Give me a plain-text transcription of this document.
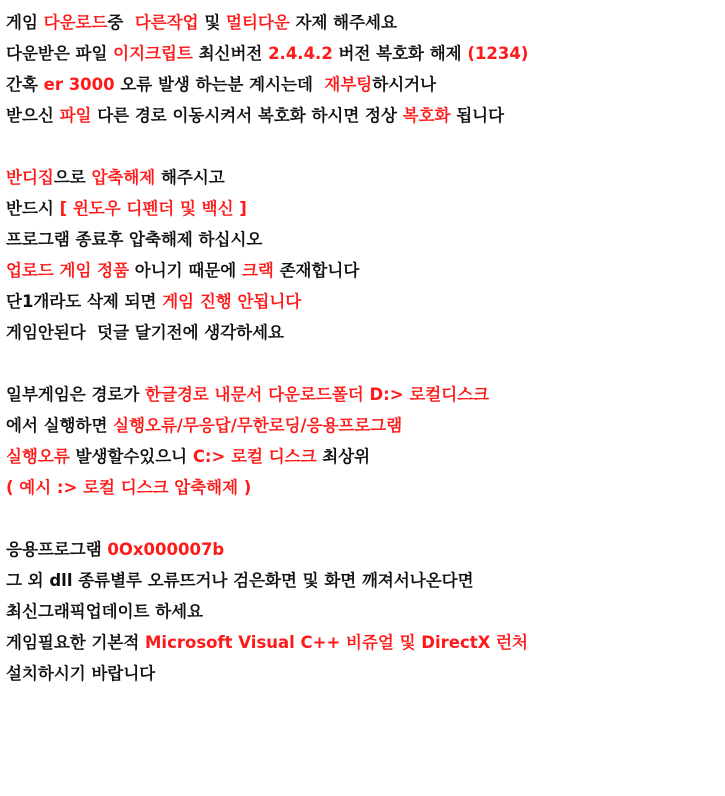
게임 다운로드중  다른작업 및 멀티다운 자제 해주세요
다운받은 파일 이지크립트 최신버전 2.4.4.2 버전 복호화 해제 (1234)
간혹 er 3000 오류 발생 하는분 계시는데  재부팅하시거나
받으신 파일 다른 경로 이동시켜서 복호화 하시면 정상 복호화 됩니다
반디집으로 압축해제 해주시고
반드시 [ 윈도우 디펜더 및 백신 ]
프로그램 종료후 압축해제 하십시오
업로드 게임 정품 아니기 때문에 크랙 존재합니다
단1개라도 삭제 되면 게임 진행 안됩니다
게임안된다  덧글 달기전에 생각하세요
일부게임은 경로가 한글경로 내문서 다운로드폴더 D:> 로컬디스크
에서 실행하면 실행오류/무응답/무한로딩/응용프로그램
실행오류 발생할수있으니 C:> 로컬 디스크 최상위
( 예시 :> 로컬 디스크 압축해제 )
응용프로그램 0Ox000007b
그 외 dll 종류별루 오류뜨거나 검은화면 및 화면 깨져서나온다면
최신그래픽업데이트 하세요
게임필요한 기본적 Microsoft Visual C++ 비쥬얼 및 DirectX 런처
설치하시기 바랍니다
